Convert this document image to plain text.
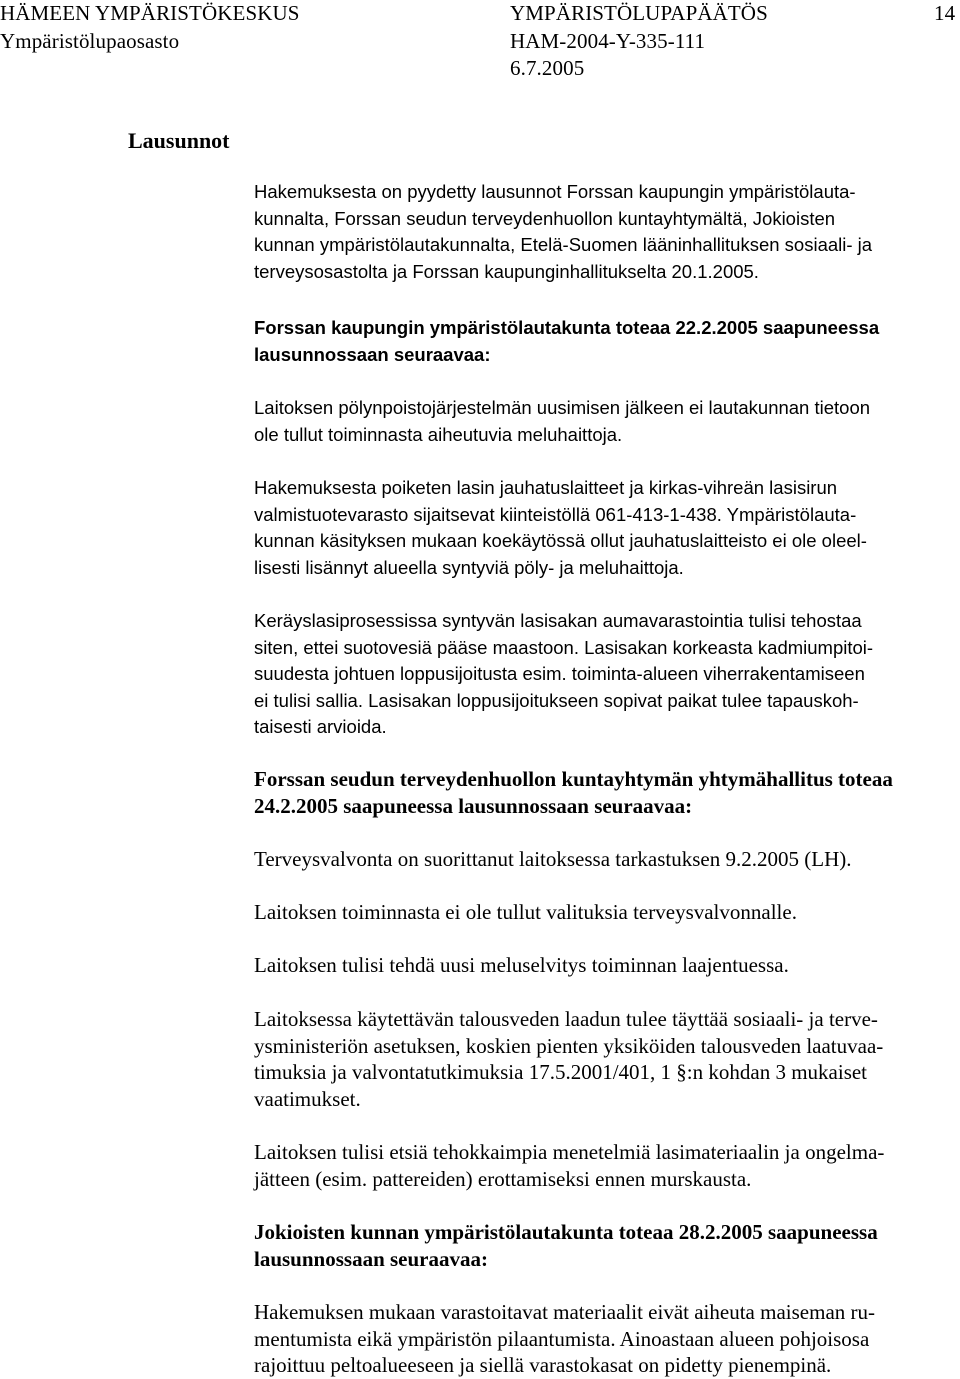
HÄMEEN YMPÄRISTÖKESKUS
Ympäristölupaosasto
YMPÄRISTÖLUPAPÄÄTÖS
HAM-2004-Y-335-111
6.7.2005
14
Lausunnot
Hakemuksesta on pyydetty lausunnot Forssan kaupungin ympäristölauta-
kunnalta, Forssan seudun terveydenhuollon kuntayhtymältä, Jokioisten
kunnan ympäristölautakunnalta, Etelä-Suomen lääninhallituksen sosiaali- ja
terveysosastolta ja Forssan kaupunginhallitukselta 20.1.2005.
Forssan kaupungin ympäristölautakunta toteaa 22.2.2005 saapuneessa
lausunnossaan seuraavaa:
Laitoksen pölynpoistojärjestelmän uusimisen jälkeen ei lautakunnan tietoon
ole tullut toiminnasta aiheutuvia meluhaittoja.
Hakemuksesta poiketen lasin jauhatuslaitteet ja kirkas-vihreän lasisirun
valmistuotevarasto sijaitsevat kiinteistöllä 061-413-1-438. Ympäristölauta-
kunnan käsityksen mukaan koekäytössä ollut jauhatuslaitteisto ei ole oleel-
lisesti lisännyt alueella syntyviä pöly- ja meluhaittoja.
Keräyslasiprosessissa syntyvän lasisakan aumavarastointia tulisi tehostaa
siten, ettei suotovesiä pääse maastoon. Lasisakan korkeasta kadmiumpitoi-
suudesta johtuen loppusijoitusta esim. toiminta-alueen viherrakentamiseen
ei tulisi sallia. Lasisakan loppusijoitukseen sopivat paikat tulee tapauskoh-
taisesti arvioida.
Forssan seudun terveydenhuollon kuntayhtymän yhtymähallitus toteaa
24.2.2005 saapuneessa lausunnossaan seuraavaa:
Terveysvalvonta on suorittanut laitoksessa tarkastuksen 9.2.2005 (LH).
Laitoksen toiminnasta ei ole tullut valituksia terveysvalvonnalle.
Laitoksen tulisi tehdä uusi meluselvitys toiminnan laajentuessa.
Laitoksessa käytettävän talousveden laadun tulee täyttää sosiaali- ja terve-
ysministeriön asetuksen, koskien pienten yksiköiden talousveden laatuvaa-
timuksia ja valvontatutkimuksia 17.5.2001/401, 1 §:n kohdan 3 mukaiset
vaatimukset.
Laitoksen tulisi etsiä tehokkaimpia menetelmiä lasimateriaalin ja ongelma-
jätteen (esim. pattereiden) erottamiseksi ennen murskausta.
Jokioisten kunnan ympäristölautakunta toteaa 28.2.2005 saapuneessa
lausunnossaan seuraavaa:
Hakemuksen mukaan varastoitavat materiaalit eivät aiheuta maiseman ru-
mentumista eikä ympäristön pilaantumista. Ainoastaan alueen pohjoisosa
rajoittuu peltoalueeseen ja siellä varastokasat on pidetty pienempinä.
